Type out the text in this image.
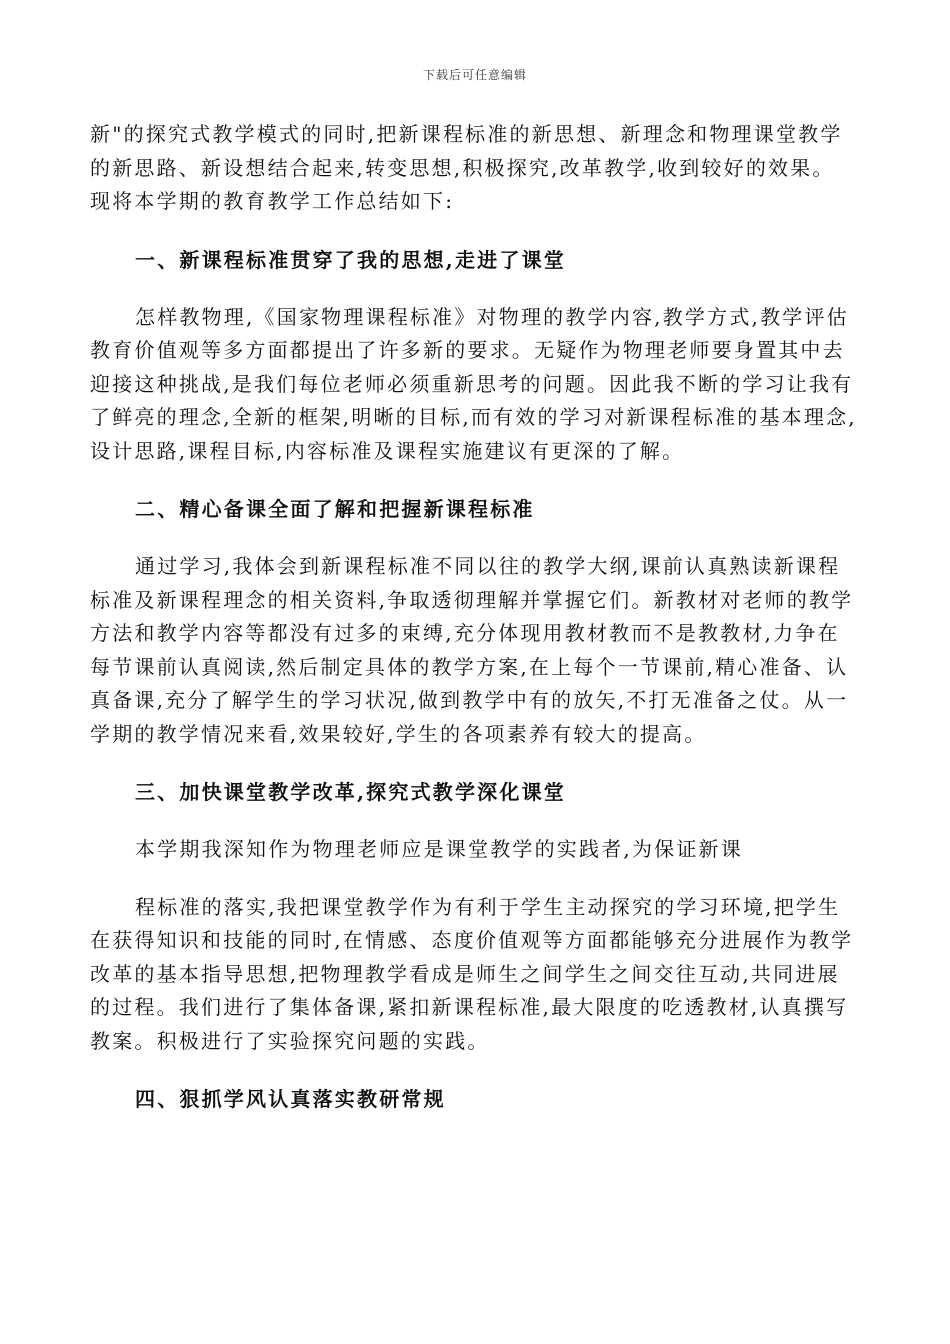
下载后可任意编辑
新"的探究式教学模式的同时,把新课程标准的新思想、新理念和物理课堂教学
的新思路、新设想结合起来,转变思想,积极探究,改革教学,收到较好的效果。
现将本学期的教育教学工作总结如下:
一、新课程标准贯穿了我的思想,走进了课堂
怎样教物理,《国家物理课程标准》对物理的教学内容,教学方式,教学评估
教育价值观等多方面都提出了许多新的要求。无疑作为物理老师要身置其中去
迎接这种挑战,是我们每位老师必须重新思考的问题。因此我不断的学习让我有
了鲜亮的理念,全新的框架,明晰的目标,而有效的学习对新课程标准的基本理念,
设计思路,课程目标,内容标准及课程实施建议有更深的了解。
二、精心备课全面了解和把握新课程标准
通过学习,我体会到新课程标准不同以往的教学大纲,课前认真熟读新课程
标准及新课程理念的相关资料,争取透彻理解并掌握它们。新教材对老师的教学
方法和教学内容等都没有过多的束缚,充分体现用教材教而不是教教材,力争在
每节课前认真阅读,然后制定具体的教学方案,在上每个一节课前,精心准备、认
真备课,充分了解学生的学习状况,做到教学中有的放矢,不打无准备之仗。从一
学期的教学情况来看,效果较好,学生的各项素养有较大的提高。
三、加快课堂教学改革,探究式教学深化课堂
本学期我深知作为物理老师应是课堂教学的实践者,为保证新课
程标准的落实,我把课堂教学作为有利于学生主动探究的学习环境,把学生
在获得知识和技能的同时,在情感、态度价值观等方面都能够充分进展作为教学
改革的基本指导思想,把物理教学看成是师生之间学生之间交往互动,共同进展
的过程。我们进行了集体备课,紧扣新课程标准,最大限度的吃透教材,认真撰写
教案。积极进行了实验探究问题的实践。
四、狠抓学风认真落实教研常规
